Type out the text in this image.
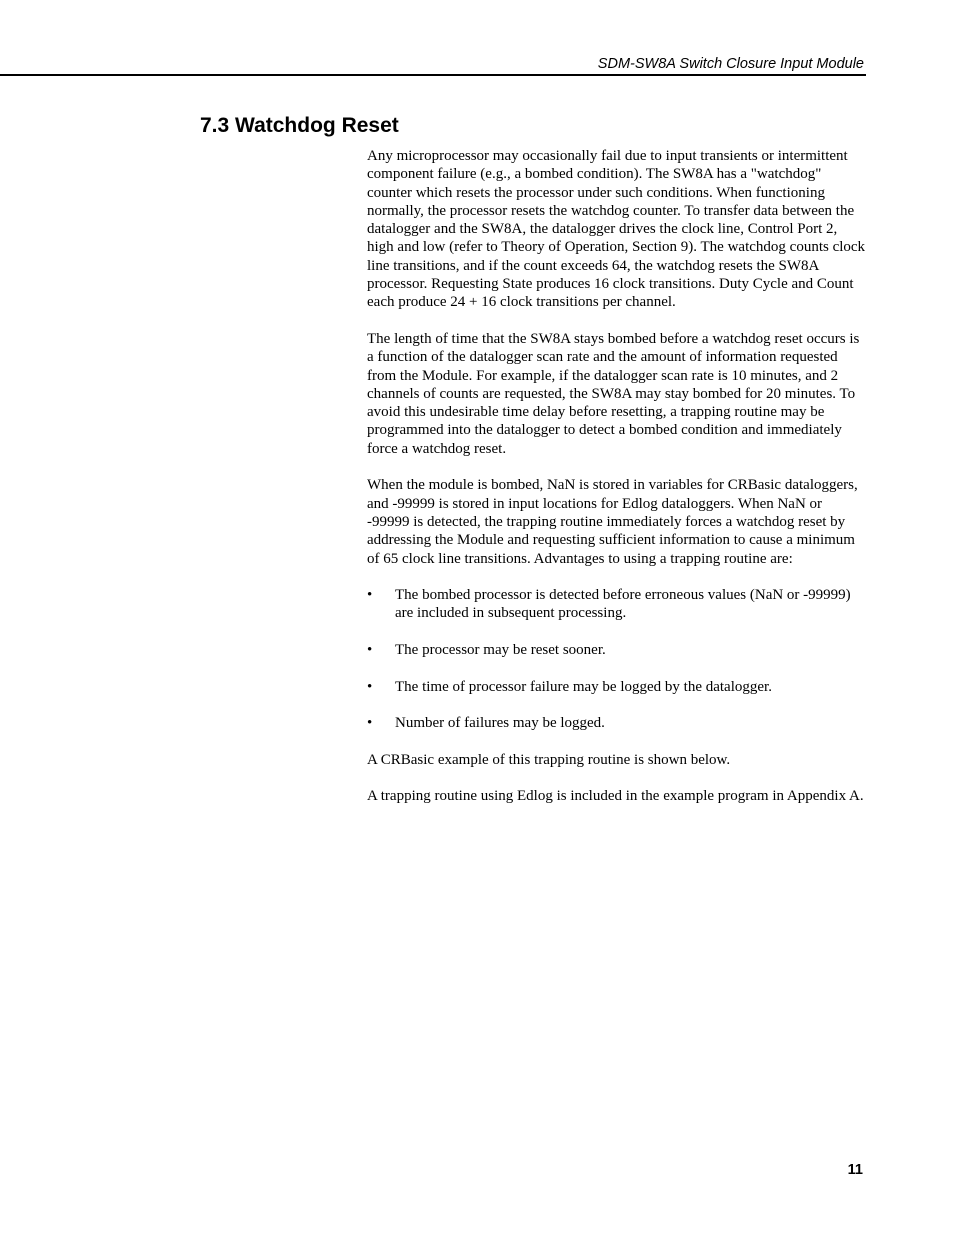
SDM-SW8A Switch Closure Input Module
7.3 Watchdog Reset

Any microprocessor may occasionally fail due to input transients or intermittent component failure (e.g., a bombed condition). The SW8A has a "watchdog" counter which resets the processor under such conditions. When functioning normally, the processor resets the watchdog counter. To transfer data between the datalogger and the SW8A, the datalogger drives the clock line, Control Port 2, high and low (refer to Theory of Operation, Section 9). The watchdog counts clock line transitions, and if the count exceeds 64, the watchdog resets the SW8A processor. Requesting State produces 16 clock transitions. Duty Cycle and Count each produce 24 + 16 clock transitions per channel.

The length of time that the SW8A stays bombed before a watchdog reset occurs is a function of the datalogger scan rate and the amount of information requested from the Module. For example, if the datalogger scan rate is 10 minutes, and 2 channels of counts are requested, the SW8A may stay bombed for 20 minutes. To avoid this undesirable time delay before resetting, a trapping routine may be programmed into the datalogger to detect a bombed condition and immediately force a watchdog reset.

When the module is bombed, NaN is stored in variables for CRBasic dataloggers, and -99999 is stored in input locations for Edlog dataloggers. When NaN or -99999 is detected, the trapping routine immediately forces a watchdog reset by addressing the Module and requesting sufficient information to cause a minimum of 65 clock line transitions. Advantages to using a trapping routine are:

•	The bombed processor is detected before erroneous values (NaN or -99999) are included in subsequent processing.
•	The processor may be reset sooner.
•	The time of processor failure may be logged by the datalogger.
•	Number of failures may be logged.

A CRBasic example of this trapping routine is shown below.

A trapping routine using Edlog is included in the example program in Appendix A.

11
